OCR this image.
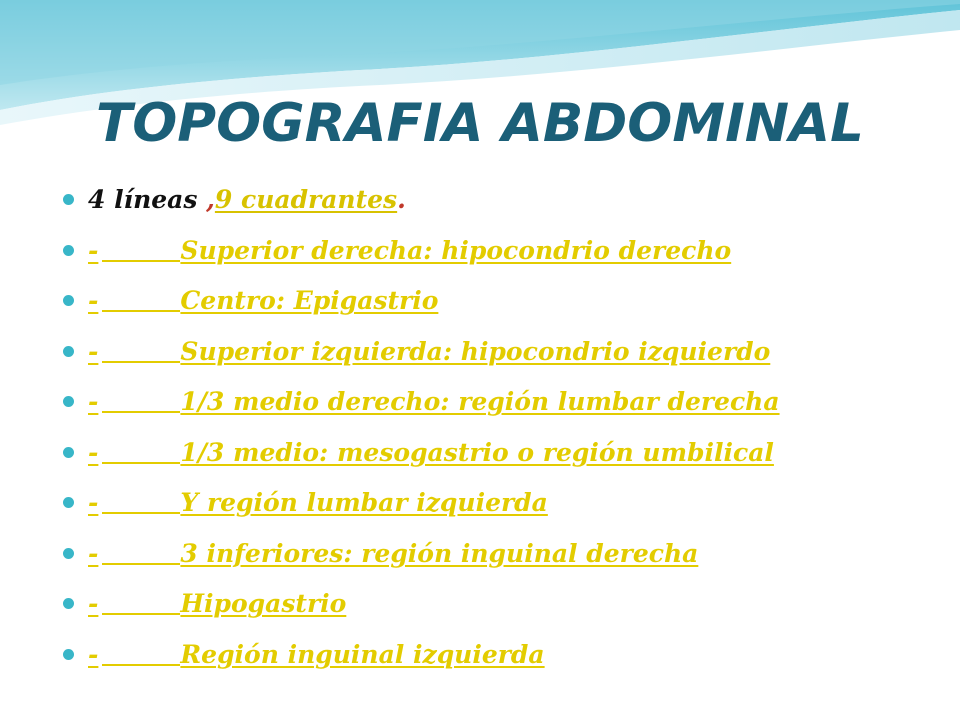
TOPOGRAFIA ABDOMINAL
4 líneas ,9 cuadrantes.
-	Superior derecha: hipocondrio derecho
-	Centro: Epigastrio
-	Superior izquierda: hipocondrio izquierdo
-	1/3 medio derecho: región lumbar derecha
-	1/3 medio: mesogastrio o región umbilical
-	Y región lumbar izquierda
-	3 inferiores: región inguinal derecha
-	Hipogastrio
-	Región inguinal izquierda
